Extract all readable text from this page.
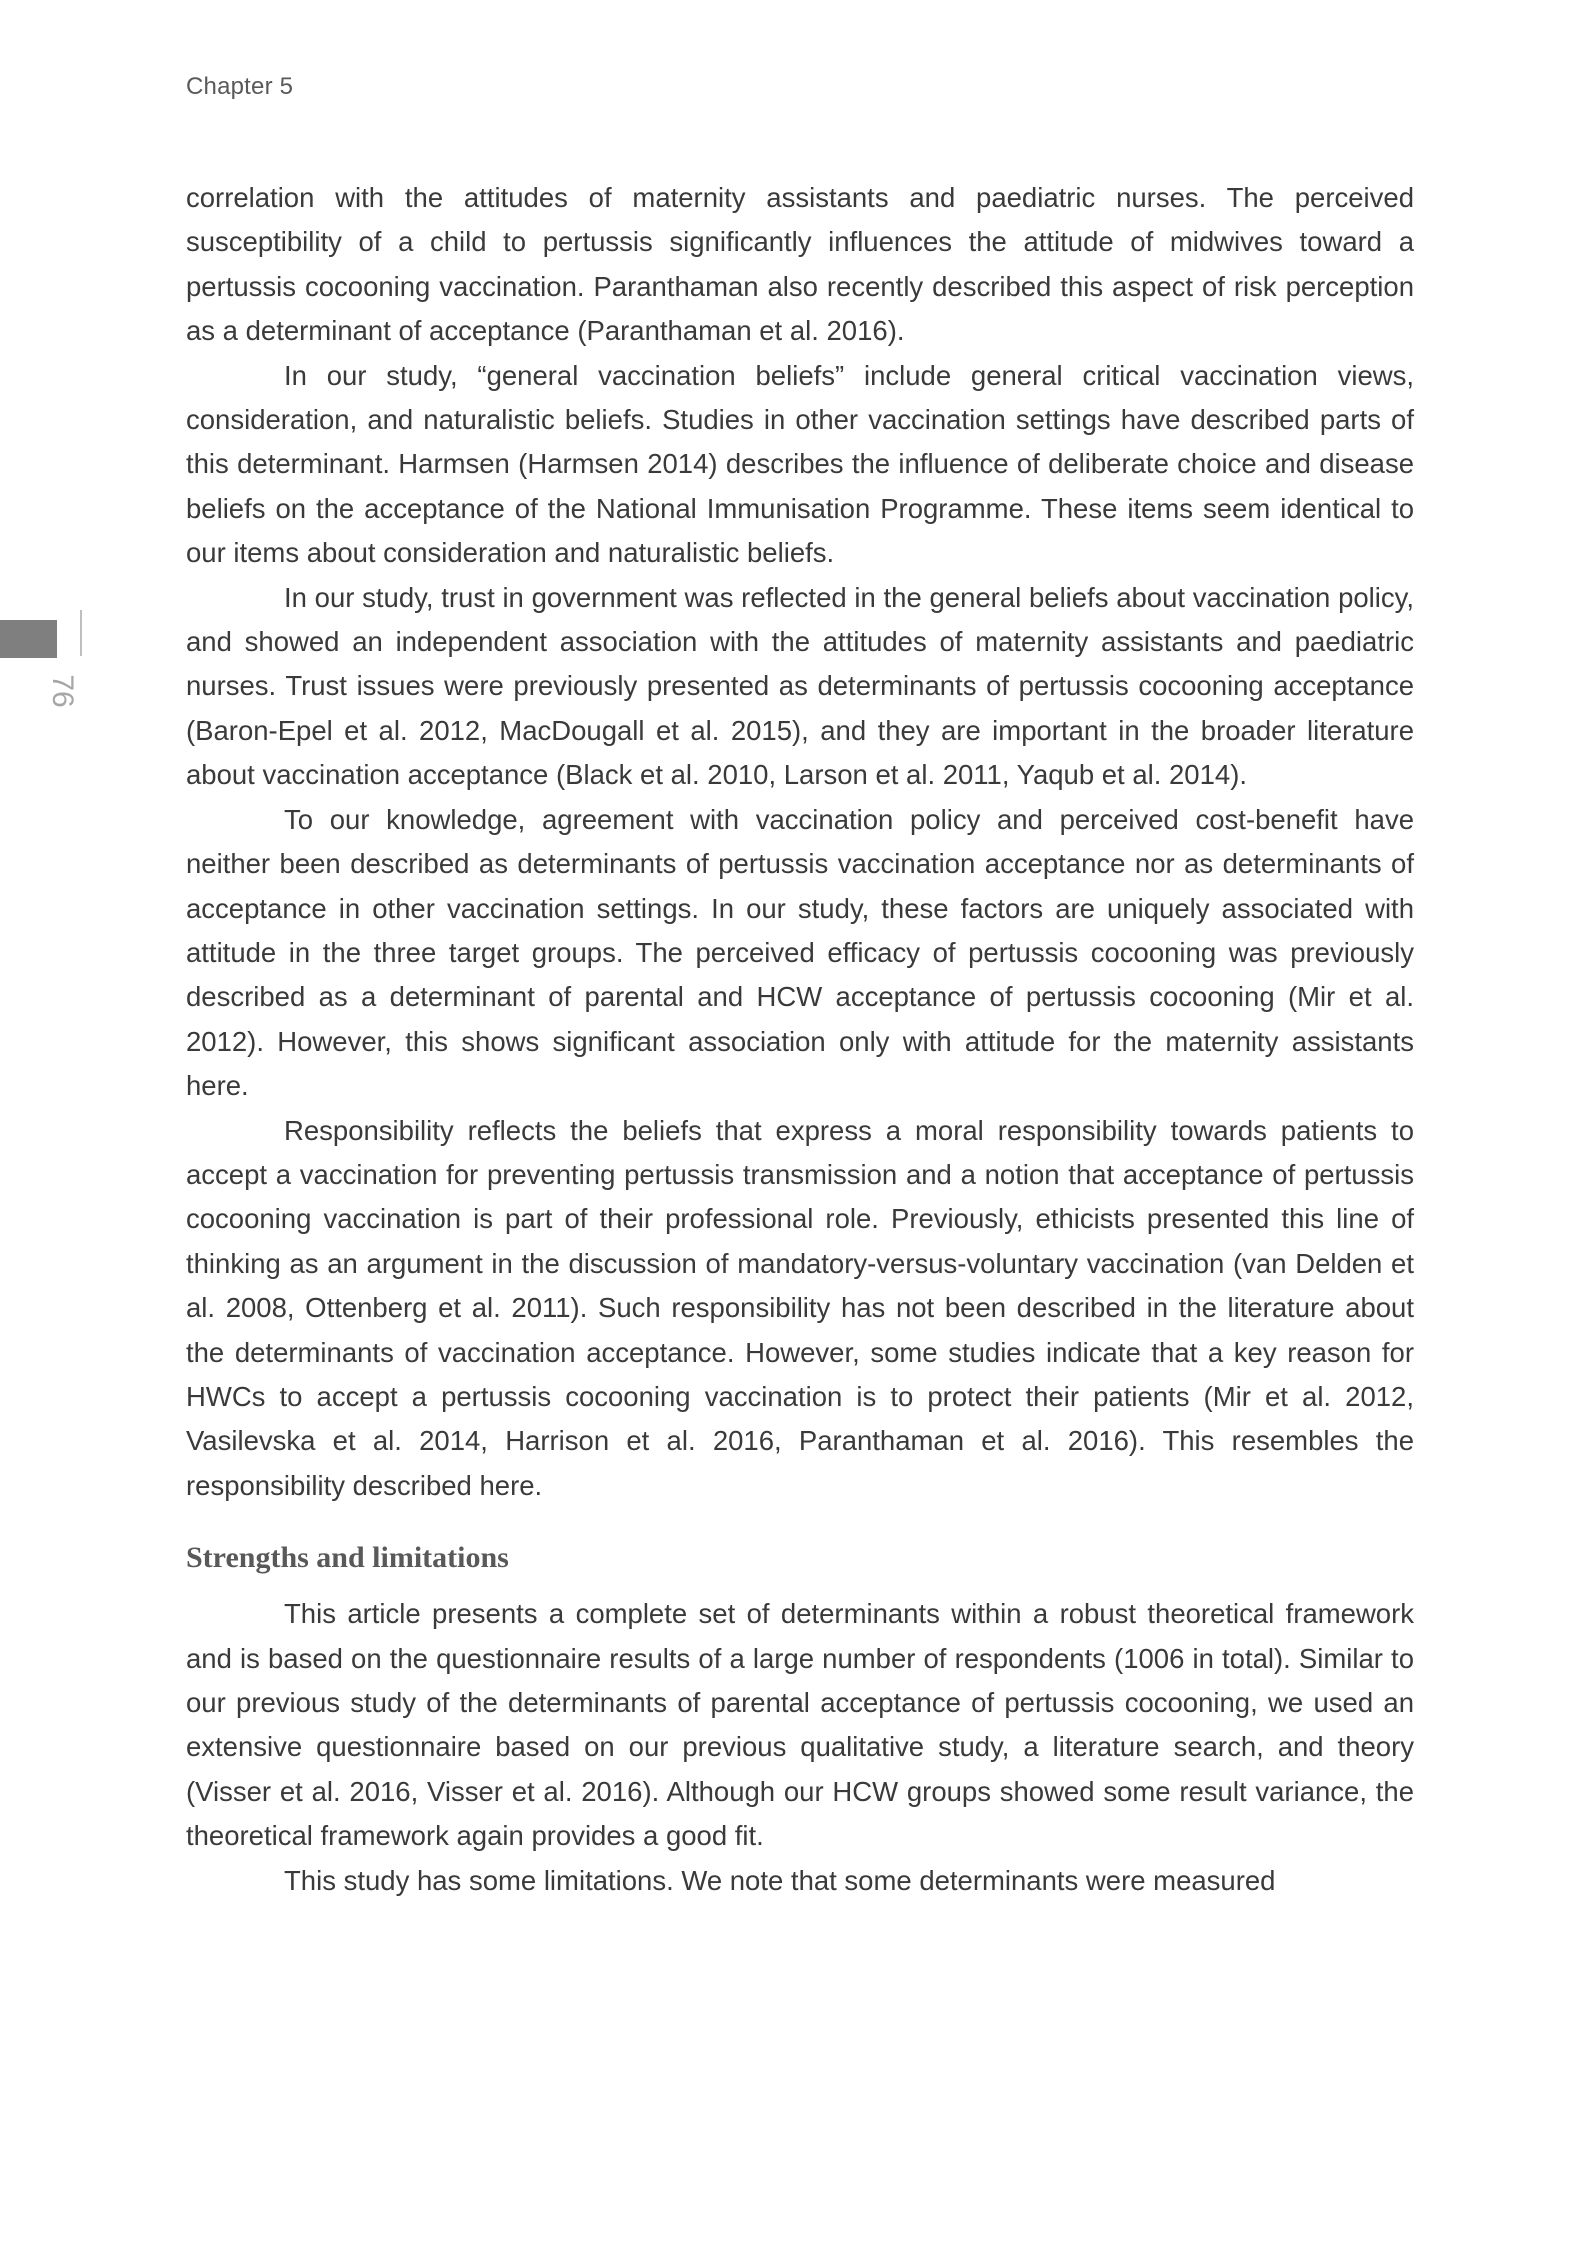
Chapter 5
76

correlation with the attitudes of maternity assistants and paediatric nurses. The perceived susceptibility of a child to pertussis significantly influences the attitude of midwives toward a pertussis cocooning vaccination. Paranthaman also recently described this aspect of risk perception as a determinant of acceptance (Paranthaman et al. 2016).

In our study, “general vaccination beliefs” include general critical vaccination views, consideration, and naturalistic beliefs. Studies in other vaccination settings have described parts of this determinant. Harmsen (Harmsen 2014) describes the influence of deliberate choice and disease beliefs on the acceptance of the National Immunisation Programme. These items seem identical to our items about consideration and naturalistic beliefs.

In our study, trust in government was reflected in the general beliefs about vaccination policy, and showed an independent association with the attitudes of maternity assistants and paediatric nurses. Trust issues were previously presented as determinants of pertussis cocooning acceptance (Baron-Epel et al. 2012, MacDougall et al. 2015), and they are important in the broader literature about vaccination acceptance (Black et al. 2010, Larson et al. 2011, Yaqub et al. 2014).

To our knowledge, agreement with vaccination policy and perceived cost-benefit have neither been described as determinants of pertussis vaccination acceptance nor as determinants of acceptance in other vaccination settings. In our study, these factors are uniquely associated with attitude in the three target groups. The perceived efficacy of pertussis cocooning was previously described as a determinant of parental and HCW acceptance of pertussis cocooning (Mir et al. 2012). However, this shows significant association only with attitude for the maternity assistants here.

Responsibility reflects the beliefs that express a moral responsibility towards patients to accept a vaccination for preventing pertussis transmission and a notion that acceptance of pertussis cocooning vaccination is part of their professional role. Previously, ethicists presented this line of thinking as an argument in the discussion of mandatory-versus-voluntary vaccination (van Delden et al. 2008, Ottenberg et al. 2011). Such responsibility has not been described in the literature about the determinants of vaccination acceptance. However, some studies indicate that a key reason for HWCs to accept a pertussis cocooning vaccination is to protect their patients (Mir et al. 2012, Vasilevska et al. 2014, Harrison et al. 2016, Paranthaman et al. 2016). This resembles the responsibility described here.

Strengths and limitations

This article presents a complete set of determinants within a robust theoretical framework and is based on the questionnaire results of a large number of respondents (1006 in total). Similar to our previous study of the determinants of parental acceptance of pertussis cocooning, we used an extensive questionnaire based on our previous qualitative study, a literature search, and theory (Visser et al. 2016, Visser et al. 2016). Although our HCW groups showed some result variance, the theoretical framework again provides a good fit.

This study has some limitations. We note that some determinants were measured
